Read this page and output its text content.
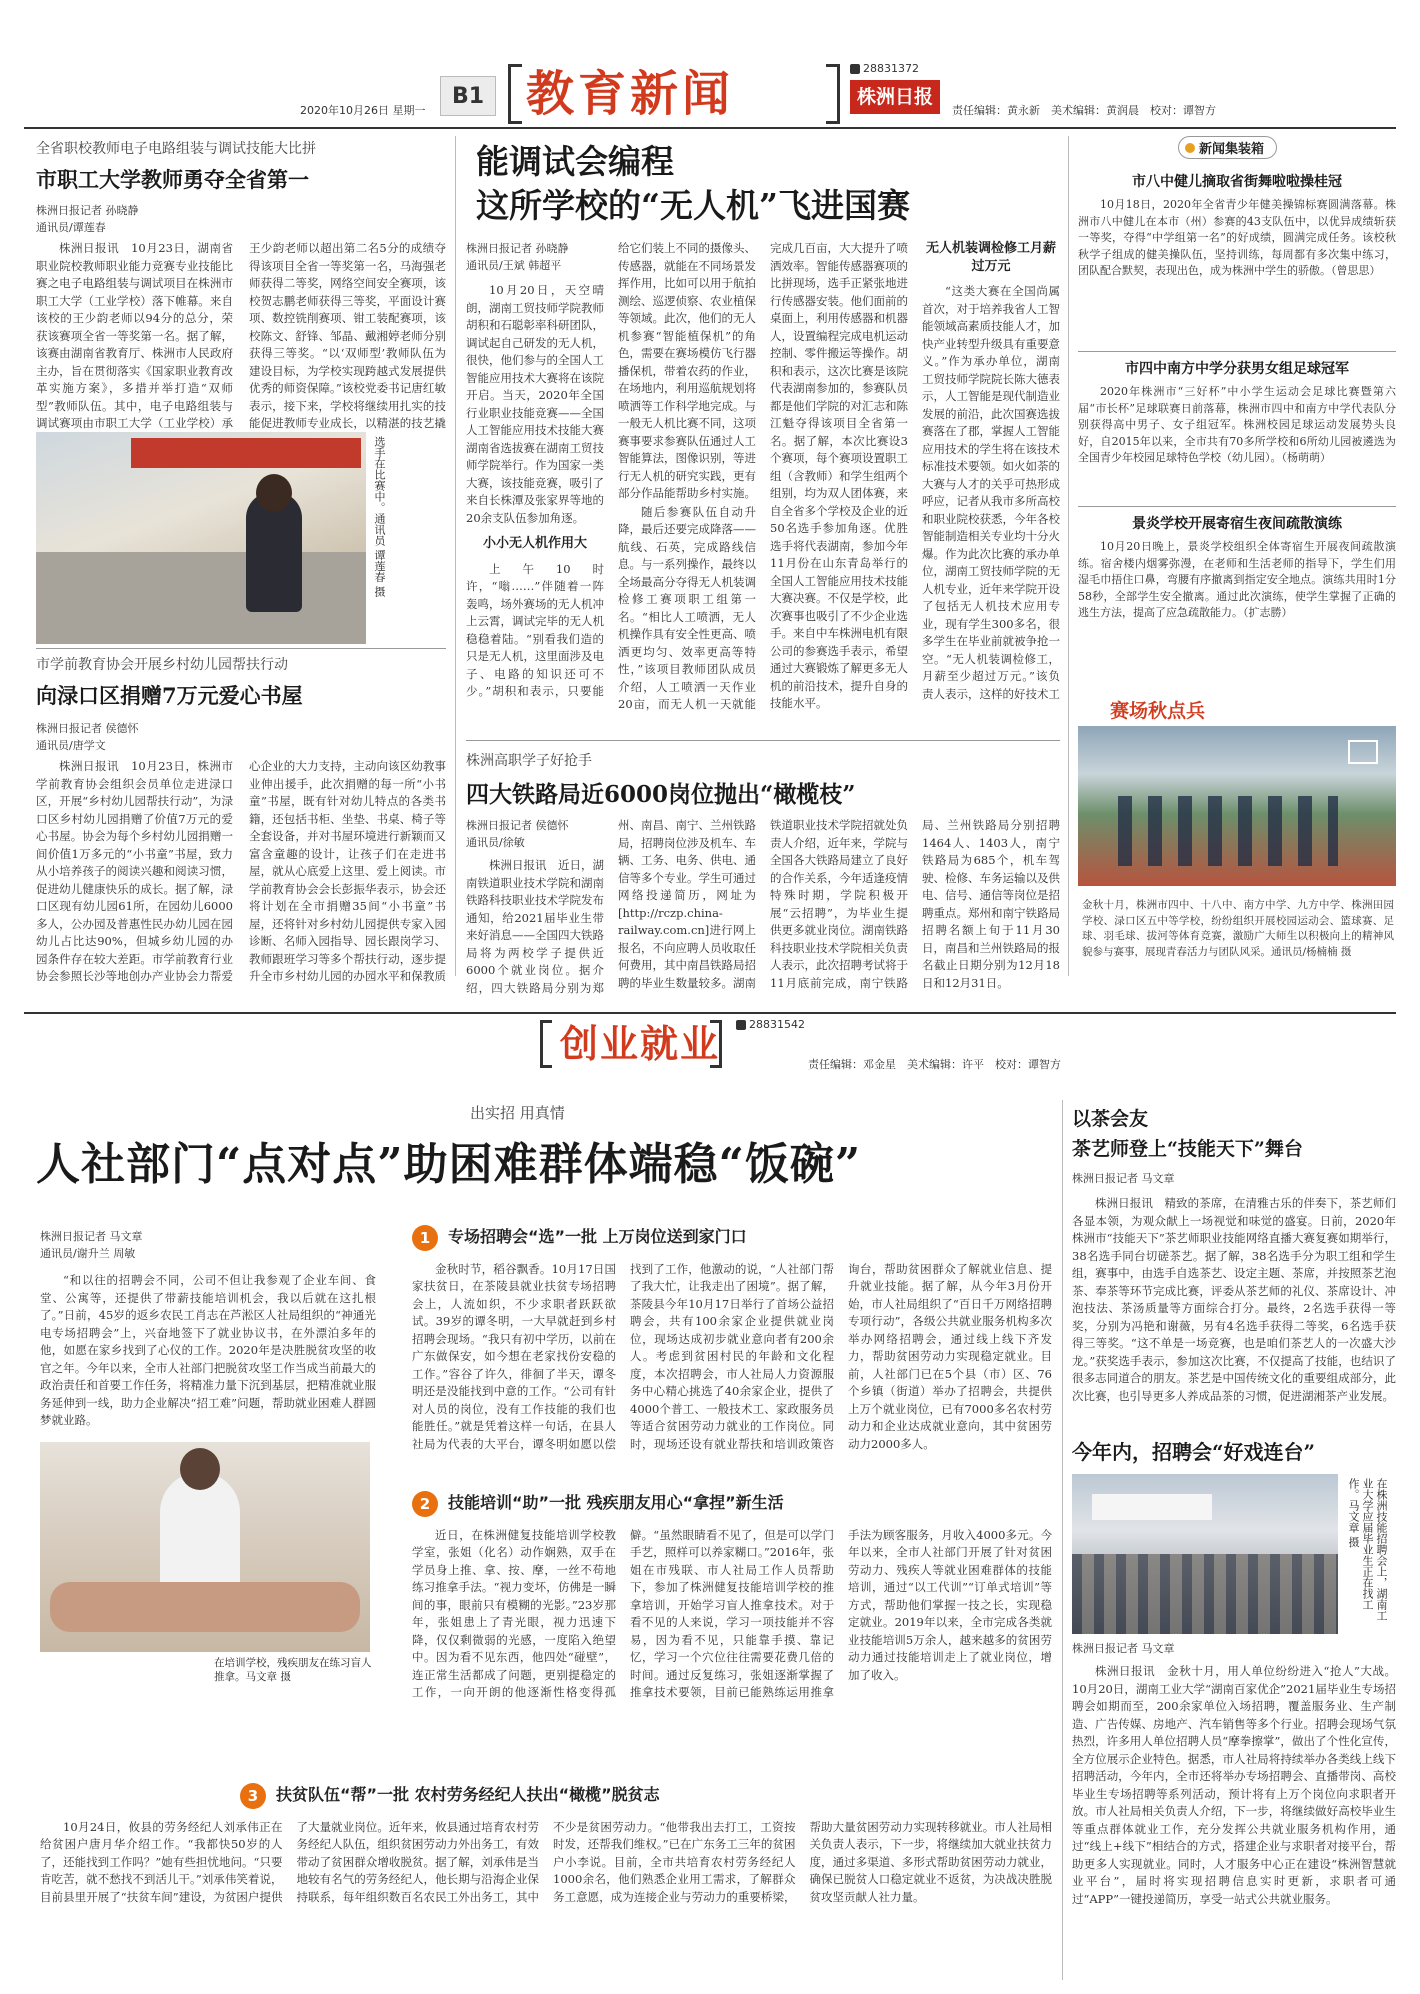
2020年10月26日 星期一
B1 教育新闻	28831372
株洲日报
责任编辑：黄永新　美术编辑：黄润晨　校对：谭智方
全省职校教师电子电路组装与调试技能大比拼
市职工大学教师勇夺全省第一
株洲日报记者 孙晓静
通讯员/谭莲春

株洲日报讯　10月23日，湖南省职业院校教师职业能力竞赛专业技能比赛之电子电路组装与调试项目在株洲市职工大学（工业学校）落下帷幕。来自该校的王少韵老师以94分的总分，荣获该赛项全省一等奖第一名。据了解，该赛由湖南省教育厅、株洲市人民政府主办，旨在贯彻落实《国家职业教育改革实施方案》，多措并举打造“双师型”教师队伍。其中，电子电路组装与调试赛项由市职工大学（工业学校）承 王少韵老师以超出第二名5分的成绩夺得该项目全省一等奖第一名，马海强老师获得二等奖，网络空间安全赛项，该校贺志鹏老师获得三等奖，平面设计赛项、数控铣削赛项、钳工装配赛项，该校陈文、舒锋、邹晶、戴湘婷老师分别获得三等奖。“以‘双师型’教师队伍为建设目标，为学校实现跨越式发展提供优秀的师资保障。”该校党委书记唐红敏表示，接下来，学校将继续用扎实的技能促进教师专业成长，以精湛的技艺撬

选手在比赛中。通讯员 谭莲春 摄
市学前教育协会开展乡村幼儿园帮扶行动
向渌口区捐赠7万元爱心书屋
株洲日报记者 侯德怀
通讯员/唐学文

株洲日报讯　10月23日，株洲市学前教育协会组织会员单位走进渌口区，开展“乡村幼儿园帮扶行动”，为渌口区乡村幼儿园捐赠了价值7万元的爱心书屋。协会为每个乡村幼儿园捐赠一间价值1万多元的“小书童”书屋，致力从小培养孩子的阅读兴趣和阅读习惯，促进幼儿健康快乐的成长。据了解，渌口区现有幼儿园61所，在园幼儿6000多人，公办园及普惠性民办幼儿园在园幼儿占比达90%，但城乡幼儿园的办园条件存在较大差距。市学前教育行业协会参照长沙等地创办产业协会力帮爱心企业的大力支持，主动向该区幼教事业伸出援手，此次捐赠的每一所“小书童”书屋，既有针对幼儿特点的各类书籍，还包括书柜、坐垫、书桌、椅子等全套设备，并对书屋环境进行新颖而又富含童趣的设计，让孩子们在走进书屋，就从心底爱上这里、爱上阅读。市学前教育协会会长彭振华表示，协会还将计划在全市捐赠35间“小书童”书屋，还将针对乡村幼儿园提供专家入园诊断、名师入园指导、园长跟岗学习、教师跟班学习等多个帮扶行动，逐步提升全市乡村幼儿园的办园水平和保教质

能调试会编程
这所学校的“无人机”飞进国赛
株洲日报记者 孙晓静
通讯员/王斌 韩超平

10月20日，天空晴朗，湖南工贸技师学院教师胡积和石聪彰率科研团队，调试起自己研发的无人机，很快，他们参与的全国人工智能应用技术大赛将在该院开启。当天，2020年全国行业职业技能竞赛——全国人工智能应用技术技能大赛湖南省选拔赛在湖南工贸技师学院举行。作为国家一类大赛，该技能竞赛，吸引了来自长株潭及张家界等地的20余支队伍参加角逐。

小小无人机作用大

上午10时许，“嗡……”伴随着一阵轰鸣，场外赛场的无人机冲上云霄，调试完毕的无人机稳稳着陆。“别看我们造的只是无人机，这里面涉及电子、电路的知识还可不少。”胡积和表示，只要能给它们装上不同的摄像头、传感器，就能在不同场景发挥作用，比如可以用于航拍测绘、巡逻侦察、农业植保等领域。此次，他们的无人机参赛“智能植保机”的角色，需要在赛场模仿飞行器播保机，带着农药的作业，在场地内，利用巡航规划将喷洒等工作科学地完成。与一般无人机比赛不同，这项赛事要求参赛队伍通过人工智能算法，图像识别，等进行无人机的研究实践，更有部分作品能帮助乡村实施。

随后参赛队伍自动升降，最后还要完成降落——航线、石英，完成路线信息。与一系列操作，最终以全场最高分夺得无人机装调检修工赛项职工组第一名。“相比人工喷洒，无人机操作具有安全性更高、喷洒更均匀、效率更高等特性，”该项目教师团队成员介绍，人工喷洒一天作业20亩，而无人机一天就能完成几百亩，大大提升了喷洒效率。智能传感器赛项的比拼现场，选手正紧张地进行传感器安装。他们面前的桌面上，利用传感器和机器人，设置编程完成电机运动控制、零件搬运等操作。胡积和表示，这次比赛是该院代表湖南参加的，参赛队员都是他们学院的对汇志和陈江魁夺得该项目全省第一名。据了解，本次比赛设3个赛项，每个赛项设置职工组（含教师）和学生组两个组别，均为双人团体赛，来自全省多个学校及企业的近50名选手参加角逐。优胜选手将代表湖南，参加今年11月份在山东青岛举行的全国人工智能应用技术技能大赛决赛。不仅是学校，此次赛事也吸引了不少企业选手。来自中车株洲电机有限公司的参赛选手表示，希望通过大赛锻炼了解更多无人机的前沿技术，提升自身的技能水平。

无人机装调检修工月薪过万元

“这类大赛在全国尚属首次，对于培养我省人工智能领域高素质技能人才，加快产业转型升级具有重要意义。”作为承办单位，湖南工贸技师学院院长陈大德表示，人工智能是现代制造业发展的前沿，此次国赛选拔赛落在了郡，掌握人工智能应用技术的学生将在该技术标准技术要领。如火如荼的大赛与人才的关乎可热形成呼应，记者从我市多所高校和职业院校获悉，今年各校智能制造相关专业均十分火爆。作为此次比赛的承办单位，湖南工贸技师学院的无人机专业，近年来学院开设了包括无人机技术应用专业，现有学生300多名，很多学生在毕业前就被争抢一空。“无人机装调检修工，月薪至少超过万元。”该负责人表示，这样的好技术工

株洲高职学子好抢手
四大铁路局近6000岗位抛出“橄榄枝”
株洲日报记者 侯德怀
通讯员/徐敏

株洲日报讯　近日，湖南铁道职业技术学院和湖南铁路科技职业技术学院发布通知，给2021届毕业生带来好消息——全国四大铁路局将为两校学子提供近6000个就业岗位。据介绍，四大铁路局分别为郑州、南昌、南宁、兰州铁路局，招聘岗位涉及机车、车辆、工务、电务、供电、通信等多个专业。学生可通过网络投递简历，网址为[http://rczp.china-railway.com.cn]进行网上报名，不向应聘人员收取任何费用，其中南昌铁路局招聘的毕业生数量较多。湖南铁道职业技术学院招就处负责人介绍，近年来，学院与全国各大铁路局建立了良好的合作关系，今年适逢疫情特殊时期，学院积极开展“云招聘”，为毕业生提供更多就业岗位。湖南铁路科技职业技术学院相关负责人表示，此次招聘考试将于11月底前完成，南宁铁路局、兰州铁路局分别招聘1464人、1403人，南宁铁路局为685个，机车驾驶、检修、车务运输以及供电、信号、通信等岗位是招聘重点。郑州和南宁铁路局招聘名额上旬于11月30日，南昌和兰州铁路局的报名截止日期分别为12月18日和12月31日。

新闻集装箱
市八中健儿摘取省街舞啦啦操桂冠

10月18日，2020年全省青少年健美操锦标赛圆满落幕。株洲市八中健儿在本市（州）参赛的43支队伍中，以优异成绩斩获一等奖，夺得“中学组第一名”的好成绩，圆满完成任务。该校秋秋学子组成的健美操队伍，坚持训练，每周都有多次集中练习，团队配合默契，表现出色，成为株洲中学生的骄傲。（曾思思）

市四中南方中学分获男女组足球冠军

2020年株洲市“三好杯”中小学生运动会足球比赛暨第六届“市长杯”足球联赛日前落幕，株洲市四中和南方中学代表队分别获得高中男子、女子组冠军。株洲校园足球运动发展势头良好，自2015年以来，全市共有70多所学校和6所幼儿园被遴选为全国青少年校园足球特色学校（幼儿园）。（杨萌萌）

景炎学校开展寄宿生夜间疏散演练

10月20日晚上，景炎学校组织全体寄宿生开展夜间疏散演练。宿舍楼内烟雾弥漫，在老师和生活老师的指导下，学生们用湿毛巾捂住口鼻，弯腰有序撤离到指定安全地点。演练共用时1分58秒，全部学生安全撤离。通过此次演练，使学生掌握了正确的逃生方法，提高了应急疏散能力。（扩志勝）

赛场秋点兵
金秋十月，株洲市四中、十八中、南方中学、九方中学、株洲田园学校、渌口区五中等学校，纷纷组织开展校园运动会、篮球赛、足球、羽毛球、拔河等体育竞赛，激励广大师生以积极向上的精神风貌参与赛事，展现青春活力与团队风采。通讯员/杨楠楠 摄
创业就业	28831542
责任编辑：邓金星　美术编辑：许平　校对：谭智方
出实招 用真情
人社部门“点对点”助困难群体端稳“饭碗”
株洲日报记者 马文章
通讯员/谢升兰 周敏

“和以往的招聘会不同，公司不但让我参观了企业车间、食堂、公寓等，还提供了带薪技能培训机会，我以后就在这扎根了。”日前，45岁的返乡农民工肖志在芦淞区人社局组织的“神通光电专场招聘会”上，兴奋地签下了就业协议书，在外漂泊多年的他，如愿在家乡找到了心仪的工作。2020年是决胜脱贫攻坚的收官之年。今年以来，全市人社部门把脱贫攻坚工作当成当前最大的政治责任和首要工作任务，将精准力量下沉到基层，把精准就业服务延伸到一线，助力企业解决“招工难”问题，帮助就业困难人群圆梦就业路。

在培训学校，残疾朋友在练习盲人推拿。马文章 摄
1 专场招聘会“选”一批 上万岗位送到家门口

金秋时节，稻谷飘香。10月17日国家扶贫日，在茶陵县就业扶贫专场招聘会上，人流如织，不少求职者跃跃欲试。39岁的谭冬明，一大早就赶到乡村招聘会现场。“我只有初中学历，以前在广东做保安，如今想在老家找份安稳的工作。”容谷了许久，徘徊了半天，谭冬明还是没能找到中意的工作。“公司有针对人员的岗位，没有工作技能的我们也能胜任。”就是凭着这样一句话，在县人社局为代表的大平台，谭冬明如愿以偿找到了工作，他激动的说，“人社部门帮了我大忙，让我走出了困境”。据了解，茶陵县今年10月17日举行了首场公益招聘会，共有100余家企业提供就业岗位，现场达成初步就业意向者有200余人。考虑到贫困村民的年龄和文化程度，本次招聘会，市人社局人力资源服务中心精心挑选了40余家企业，提供了4000个普工、一般技术工、家政服务员等适合贫困劳动力就业的工作岗位。同时，现场还设有就业帮扶和培训政策咨询台，帮助贫困群众了解就业信息、提升就业技能。据了解，从今年3月份开始，市人社局组织了“百日千万网络招聘专项行动”，各级公共就业服务机构多次举办网络招聘会，通过线上线下齐发力，帮助贫困劳动力实现稳定就业。目前，人社部门已在5个县（市）区、76个乡镇（街道）举办了招聘会，共提供上万个就业岗位，已有7000多名农村劳动力和企业达成就业意向，其中贫困劳动力2000多人。

2 技能培训“助”一批 残疾朋友用心“拿捏”新生活

近日，在株洲健复技能培训学校教学室，张姐（化名）动作娴熟，双手在学员身上推、拿、按、摩，一丝不苟地练习推拿手法。“视力变坏，仿佛是一瞬间的事，眼前只有模糊的光影。”23岁那年，张姐患上了青光眼，视力迅速下降，仅仅剩微弱的光感，一度陷入绝望中。因为看不见东西，他四处“碰壁”，连正常生活都成了问题，更别提稳定的工作，一向开朗的他逐渐性格变得孤僻。“虽然眼睛看不见了，但是可以学门手艺，照样可以养家糊口。”2016年，张姐在市残联、市人社局工作人员帮助下，参加了株洲健复技能培训学校的推拿培训，开始学习盲人推拿技术。对于看不见的人来说，学习一项技能并不容易，因为看不见，只能靠手摸、靠记忆，学习一个穴位往往需要花费几倍的时间。通过反复练习，张姐逐渐掌握了推拿技术要领，目前已能熟练运用推拿手法为顾客服务，月收入4000多元。今年以来，全市人社部门开展了针对贫困劳动力、残疾人等就业困难群体的技能培训，通过“以工代训”“订单式培训”等方式，帮助他们掌握一技之长，实现稳定就业。2019年以来，全市完成各类就业技能培训5万余人，越来越多的贫困劳动力通过技能培训走上了就业岗位，增加了收入。

3 扶贫队伍“帮”一批 农村劳务经纪人扶出“橄榄”脱贫志

10月24日，攸县的劳务经纪人刘承伟正在给贫困户唐月华介绍工作。“我都快50岁的人了，还能找到工作吗？”她有些担忧地问。“只要肯吃苦，就不愁找不到活儿干。”刘承伟笑着说，目前县里开展了“扶贫车间”建设，为贫困户提供了大量就业岗位。近年来，攸县通过培育农村劳务经纪人队伍，组织贫困劳动力外出务工，有效带动了贫困群众增收脱贫。据了解，刘承伟是当地较有名气的劳务经纪人，他长期与沿海企业保持联系，每年组织数百名农民工外出务工，其中不少是贫困劳动力。“他带我出去打工，工资按时发，还帮我们维权。”已在广东务工三年的贫困户小李说。目前，全市共培育农村劳务经纪人1000余名，他们熟悉企业用工需求，了解群众务工意愿，成为连接企业与劳动力的重要桥梁，帮助大量贫困劳动力实现转移就业。市人社局相关负责人表示，下一步，将继续加大就业扶贫力度，通过多渠道、多形式帮助贫困劳动力就业，确保已脱贫人口稳定就业不返贫，为决战决胜脱贫攻坚贡献人社力量。

以茶会友
茶艺师登上“技能天下”舞台
株洲日报记者 马文章

株洲日报讯　精致的茶席，在清雅古乐的伴奏下，茶艺师们各显本领，为观众献上一场视觉和味觉的盛宴。日前，2020年株洲市“技能天下”茶艺师职业技能网络直播大赛复赛如期举行，38名选手同台切磋茶艺。据了解，38名选手分为职工组和学生组，赛事中，由选手自选茶艺、设定主题、茶席，并按照茶艺泡茶、奉茶等环节完成比赛，评委从茶艺师的礼仪、茶席设计、冲泡技法、茶汤质量等方面综合打分。最终，2名选手获得一等奖，分别为冯艳和谢薇，另有4名选手获得二等奖，6名选手获得三等奖。“这不单是一场竞赛，也是咱们茶艺人的一次盛大沙龙。”获奖选手表示，参加这次比赛，不仅提高了技能，也结识了很多志同道合的朋友。茶艺是中国传统文化的重要组成部分，此次比赛，也引导更多人养成品茶的习惯，促进湖湘茶产业发展。

今年内，招聘会“好戏连台”
在株洲技能招聘会上，湖南工业大学应届毕业生正在找工作。马文章 摄
株洲日报记者 马文章

株洲日报讯　金秋十月，用人单位纷纷进入“抢人”大战。10月20日，湖南工业大学“湖南百家优企”2021届毕业生专场招聘会如期而至，200余家单位入场招聘，覆盖服务业、生产制造、广告传媒、房地产、汽车销售等多个行业。招聘会现场气氛热烈，许多用人单位招聘人员“摩拳擦掌”，做出了个性化宣传，全方位展示企业特色。据悉，市人社局将持续举办各类线上线下招聘活动，今年内，全市还将举办专场招聘会、直播带岗、高校毕业生专场招聘等系列活动，预计将有上万个岗位向求职者开放。市人社局相关负责人介绍，下一步，将继续做好高校毕业生等重点群体就业工作，充分发挥公共就业服务机构作用，通过“线上+线下”相结合的方式，搭建企业与求职者对接平台，帮助更多人实现就业。同时，人才服务中心正在建设“株洲智慧就业平台”，届时将实现招聘信息实时更新，求职者可通过“APP”一键投递简历，享受一站式公共就业服务。
